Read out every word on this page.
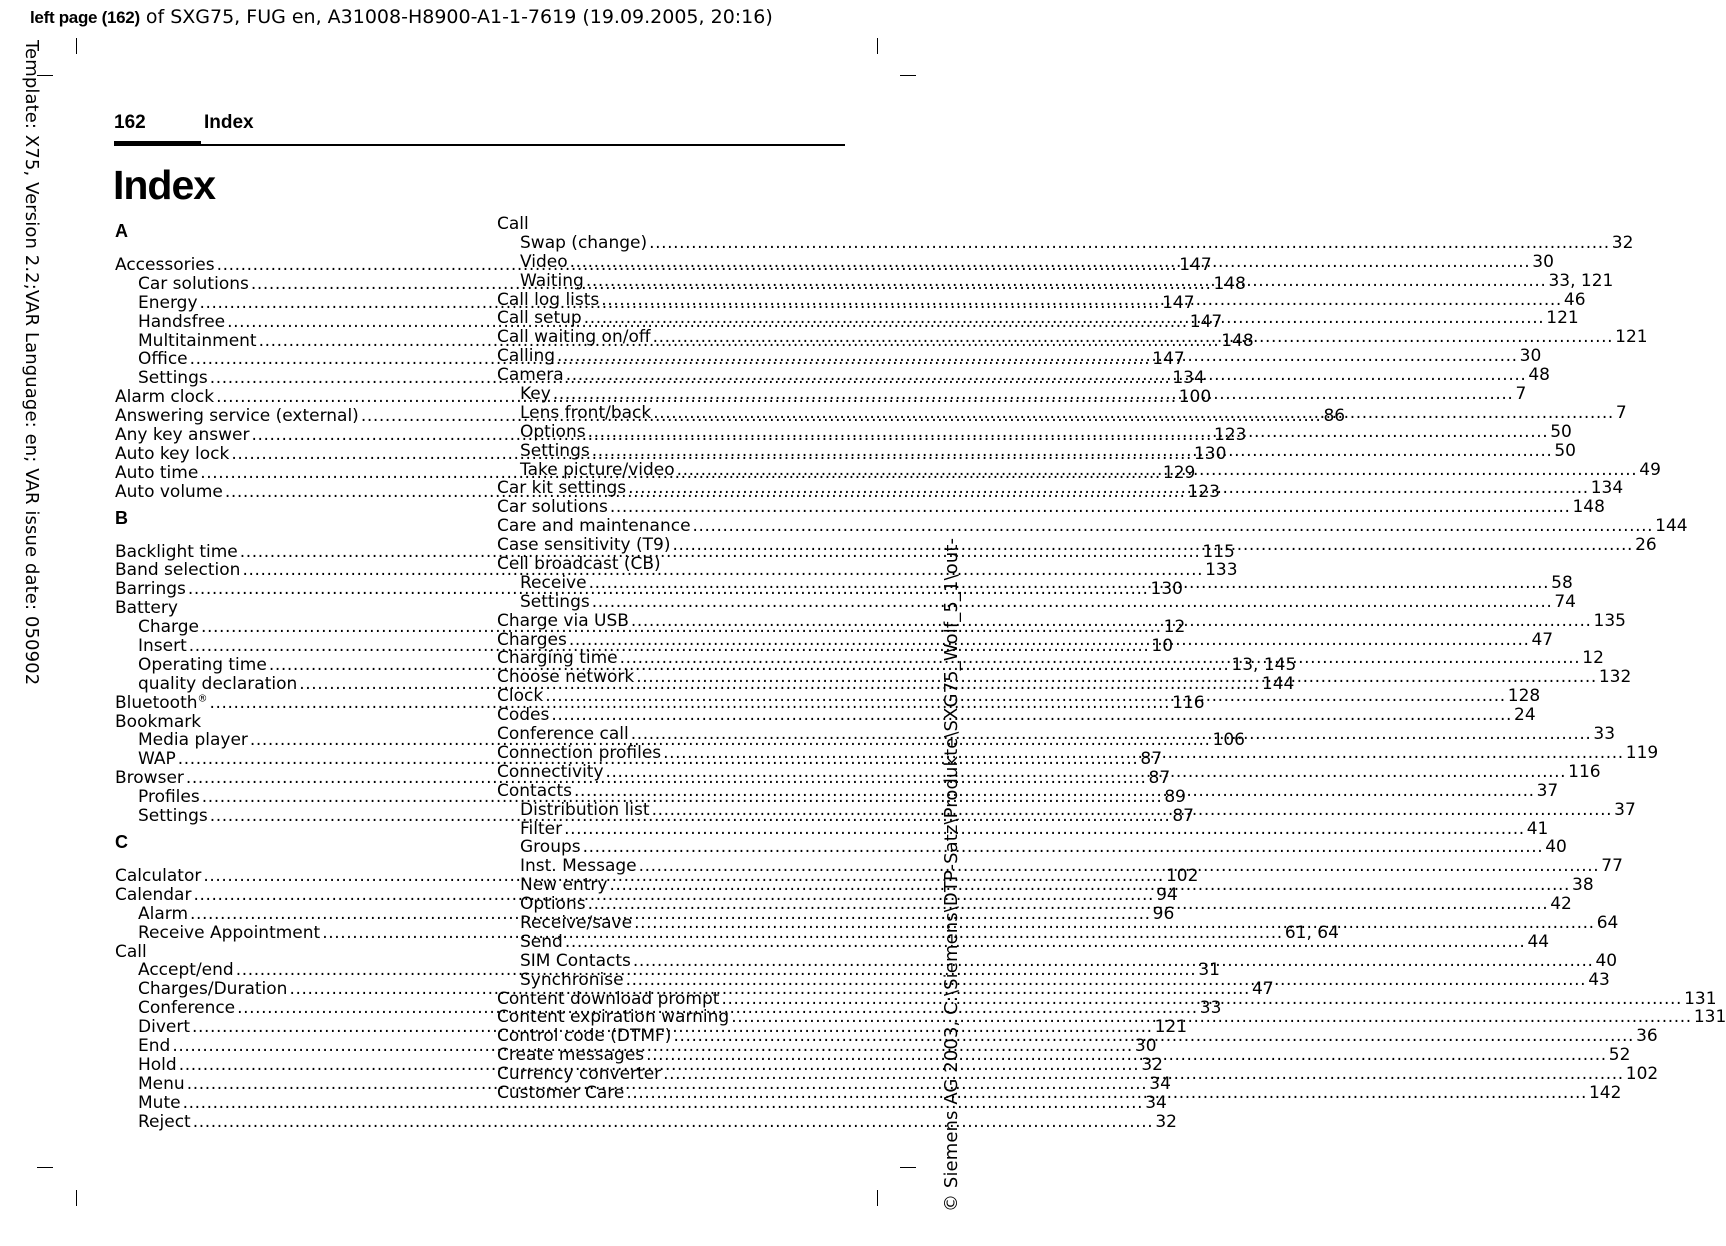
left page (162) of SXG75, FUG en, A31008-H8900-A1-1-7619 (19.09.2005, 20:16)
Template: X75, Version 2.2;VAR Language: en; VAR issue date: 050902
© Siemens AG 2003, C:\Siemens\DTP-Satz\Produkte\SXG75_Wolf_5_1\out-
162	Index
Index
A
Accessories .....	147
Car solutions .....	148
Energy .....	147
Handsfree .....	147
Multitainment .....	148
Office .....	147
Settings .....	134
Alarm clock .....	100
Answering service (external) .....	86
Any key answer .....	123
Auto key lock .....	130
Auto time .....	129
Auto volume .....	123
B
Backlight time .....	115
Band selection .....	133
Barrings .....	130
Battery
Charge .....	12
Insert .....	10
Operating time .....	13, 145
quality declaration .....	144
Bluetooth® .....	116
Bookmark
Media player .....	106
WAP .....	87
Browser .....	87
Profiles .....	89
Settings .....	87
C
Calculator .....	102
Calendar .....	94
Alarm .....	96
Receive Appointment .....	61, 64
Call
Accept/end .....	31
Charges/Duration .....	47
Conference .....	33
Divert .....	121
End .....	30
Hold .....	32
Menu .....	34
Mute .....	34
Reject .....	32
Call
Swap (change) .....	32
Video .....	30
Waiting .....	33, 121
Call log lists .....	46
Call setup .....	121
Call waiting on/off .....	121
Calling .....	30
Camera .....	48
Key .....	7
Lens front/back .....	7
Options .....	50
Settings .....	50
Take picture/video .....	49
Car kit settings .....	134
Car solutions .....	148
Care and maintenance .....	144
Case sensitivity (T9) .....	26
Cell broadcast (CB)
Receive .....	58
Settings .....	74
Charge via USB .....	135
Charges .....	47
Charging time .....	12
Choose network .....	132
Clock .....	128
Codes .....	24
Conference call .....	33
Connection profiles .....	119
Connectivity .....	116
Contacts .....	37
Distribution list .....	37
Filter .....	41
Groups .....	40
Inst. Message .....	77
New entry .....	38
Options .....	42
Receive/save .....	64
Send .....	44
SIM Contacts .....	40
Synchronise .....	43
Content download prompt .....	131
Content expiration warning .....	131
Control code (DTMF) .....	36
Create messages .....	52
Currency converter .....	102
Customer Care .....	142
